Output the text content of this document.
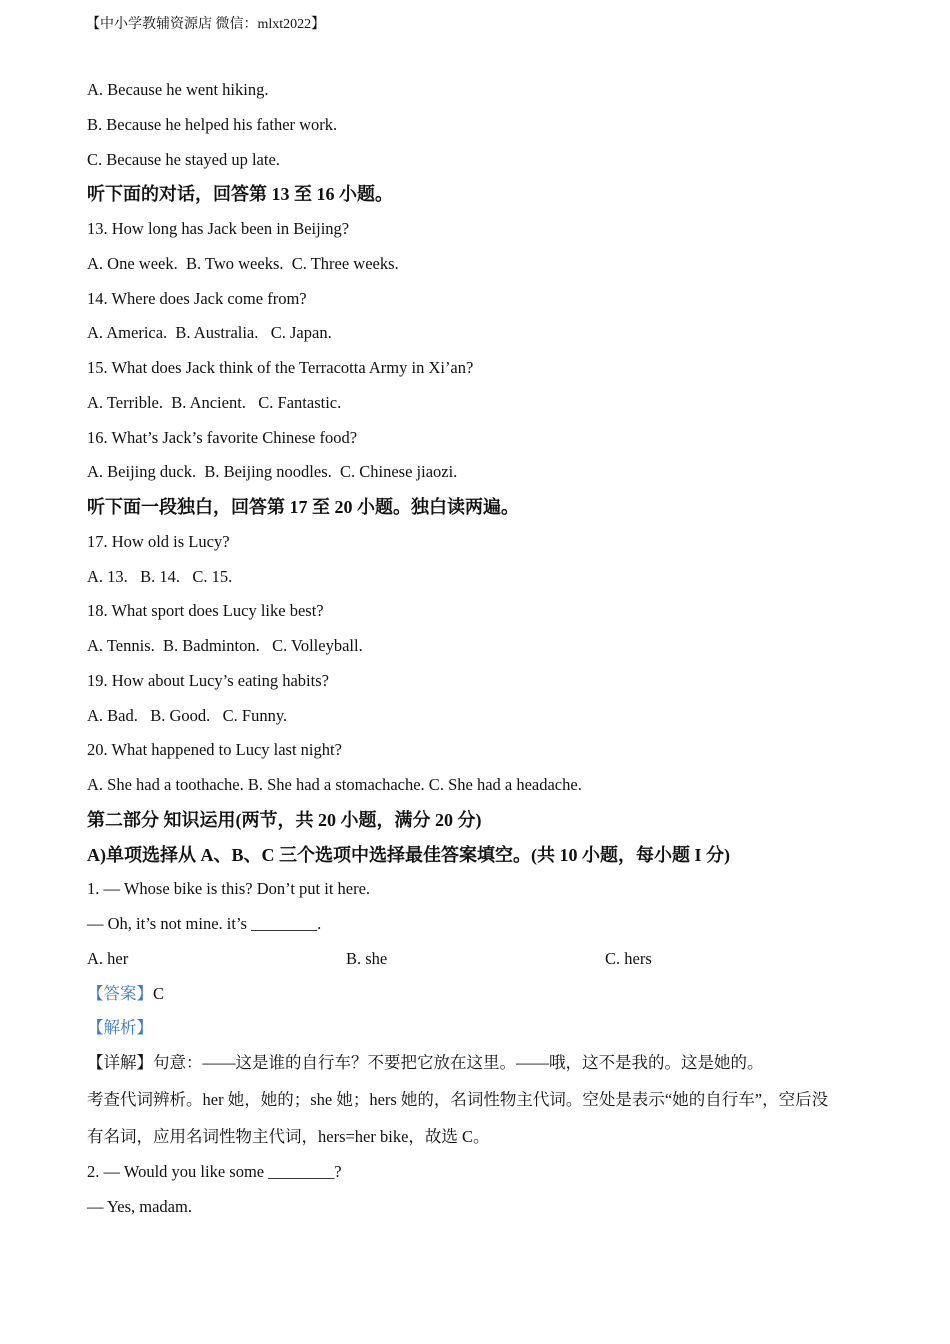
【中小学教辅资源店 微信：mlxt2022】
A. Because he went hiking.
B. Because he helped his father work.
C. Because he stayed up late.
听下面的对话，回答第 13 至 16 小题。
13. How long has Jack been in Beijing?
A. One week.  B. Two weeks.  C. Three weeks.
14. Where does Jack come from?
A. America.  B. Australia.   C. Japan.
15. What does Jack think of the Terracotta Army in Xi’an?
A. Terrible.  B. Ancient.   C. Fantastic.
16. What’s Jack’s favorite Chinese food?
A. Beijing duck.  B. Beijing noodles.  C. Chinese jiaozi.
听下面一段独白，回答第 17 至 20 小题。独白读两遍。
17. How old is Lucy?
A. 13.   B. 14.   C. 15.
18. What sport does Lucy like best?
A. Tennis.  B. Badminton.   C. Volleyball.
19. How about Lucy’s eating habits?
A. Bad.   B. Good.   C. Funny.
20. What happened to Lucy last night?
A. She had a toothache. B. She had a stomachache. C. She had a headache.
第二部分 知识运用(两节，共 20 小题，满分 20 分)
A)单项选择从 A、B、C 三个选项中选择最佳答案填空。(共 10 小题，每小题 I 分)
1. — Whose bike is this? Don’t put it here.
— Oh, it’s not mine. it’s ________.
A. her	B. she	C. hers
【答案】C
【解析】
【详解】句意：——这是谁的自行车？不要把它放在这里。——哦，这不是我的。这是她的。
考查代词辨析。her 她，她的；she 她；hers 她的，名词性物主代词。空处是表示“她的自行车”，空后没
有名词，应用名词性物主代词，hers=her bike，故选 C。
2. — Would you like some ________?
— Yes, madam.
